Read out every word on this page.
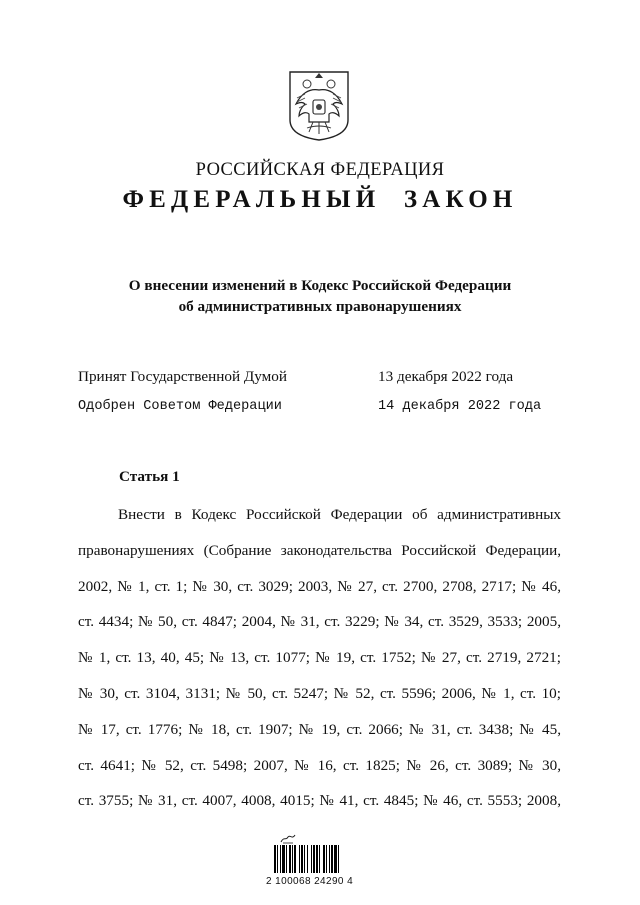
РОССИЙСКАЯ ФЕДЕРАЦИЯ
ФЕДЕРАЛЬНЫЙ ЗАКОН
О внесении изменений в Кодекс Российской Федерации
об административных правонарушениях
Принят Государственной Думой	13 декабря 2022 года
Одобрен Советом Федерации	14 декабря 2022 года
Статья 1
Внести в Кодекс Российской Федерации об административных
правонарушениях (Собрание законодательства Российской Федерации,
2002, № 1, ст. 1; № 30, ст. 3029; 2003, № 27, ст. 2700, 2708, 2717; № 46,
ст. 4434; № 50, ст. 4847; 2004, № 31, ст. 3229; № 34, ст. 3529, 3533; 2005,
№ 1, ст. 13, 40, 45; № 13, ст. 1077; № 19, ст. 1752; № 27, ст. 2719, 2721;
№ 30, ст. 3104, 3131; № 50, ст. 5247; № 52, ст. 5596; 2006, № 1, ст. 10;
№ 17, ст. 1776; № 18, ст. 1907; № 19, ст. 2066; № 31, ст. 3438; № 45,
ст. 4641; № 52, ст. 5498; 2007, № 16, ст. 1825; № 26, ст. 3089; № 30,
ст. 3755; № 31, ст. 4007, 4008, 4015; № 41, ст. 4845; № 46, ст. 5553; 2008,
2 100068 24290 4
